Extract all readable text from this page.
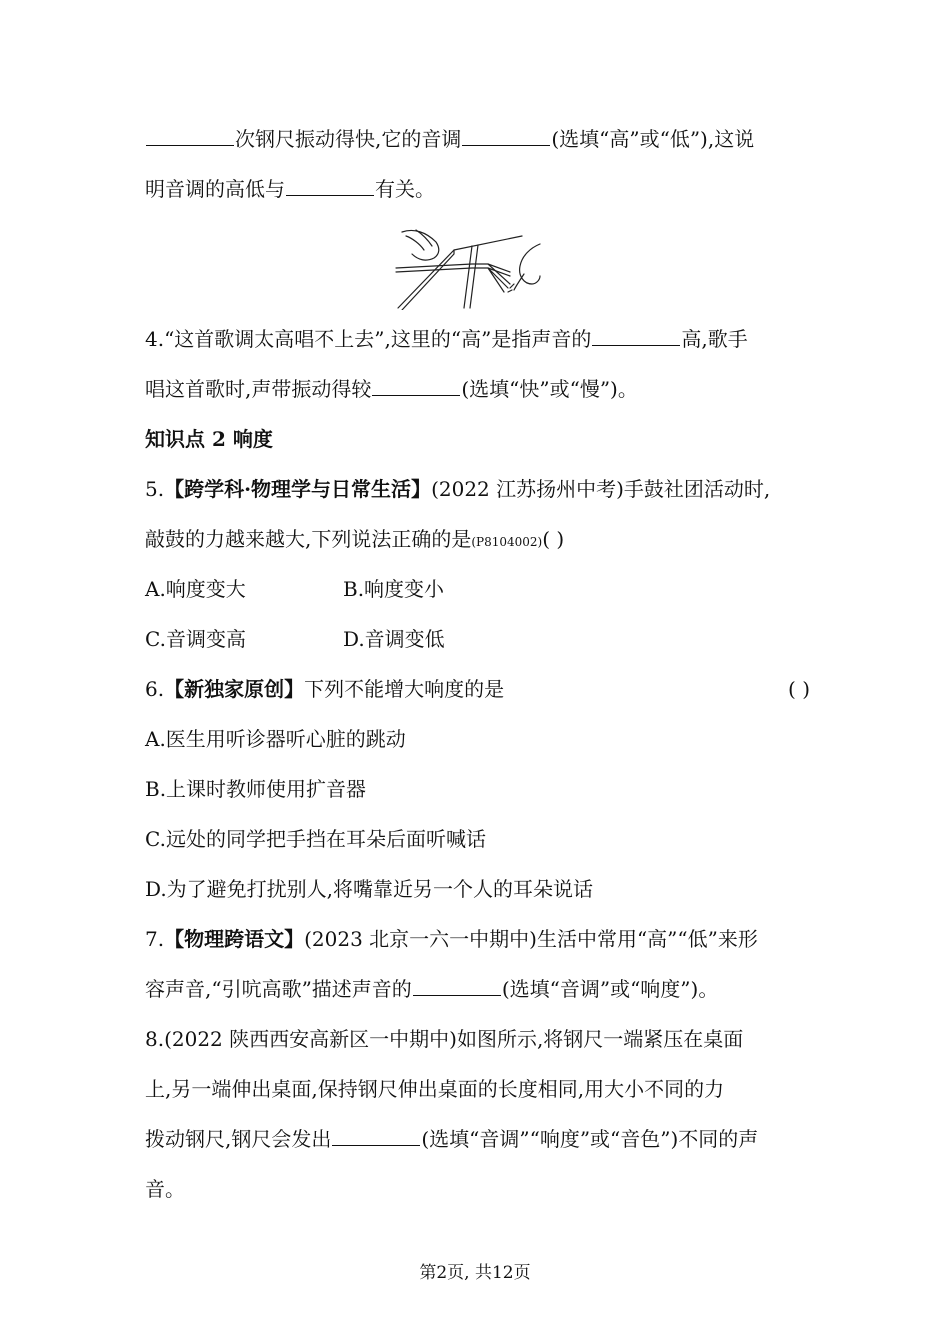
次钢尺振动得快,它的音调	(选填“高”或“低”),这说
明音调的高低与	有关。
4.“这首歌调太高唱不上去”,这里的“高”是指声音的	高,歌手
唱这首歌时,声带振动得较	(选填“快”或“慢”)。
知识点 2 响度
5.【跨学科·物理学与日常生活】(2022 江苏扬州中考)手鼓社团活动时,
敲鼓的力越来越大,下列说法正确的是(P8104002)( )
A.响度变大	B.响度变小
C.音调变高	D.音调变低
6.【新独家原创】下列不能增大响度的是	( )
A.医生用听诊器听心脏的跳动
B.上课时教师使用扩音器
C.远处的同学把手挡在耳朵后面听喊话
D.为了避免打扰别人,将嘴靠近另一个人的耳朵说话
7.【物理跨语文】(2023 北京一六一中期中)生活中常用“高”“低”来形
容声音,“引吭高歌”描述声音的	(选填“音调”或“响度”)。
8.(2022 陕西西安高新区一中期中)如图所示,将钢尺一端紧压在桌面
上,另一端伸出桌面,保持钢尺伸出桌面的长度相同,用大小不同的力
拨动钢尺,钢尺会发出	(选填“音调”“响度”或“音色”)不同的声
音。
第2页, 共12页
